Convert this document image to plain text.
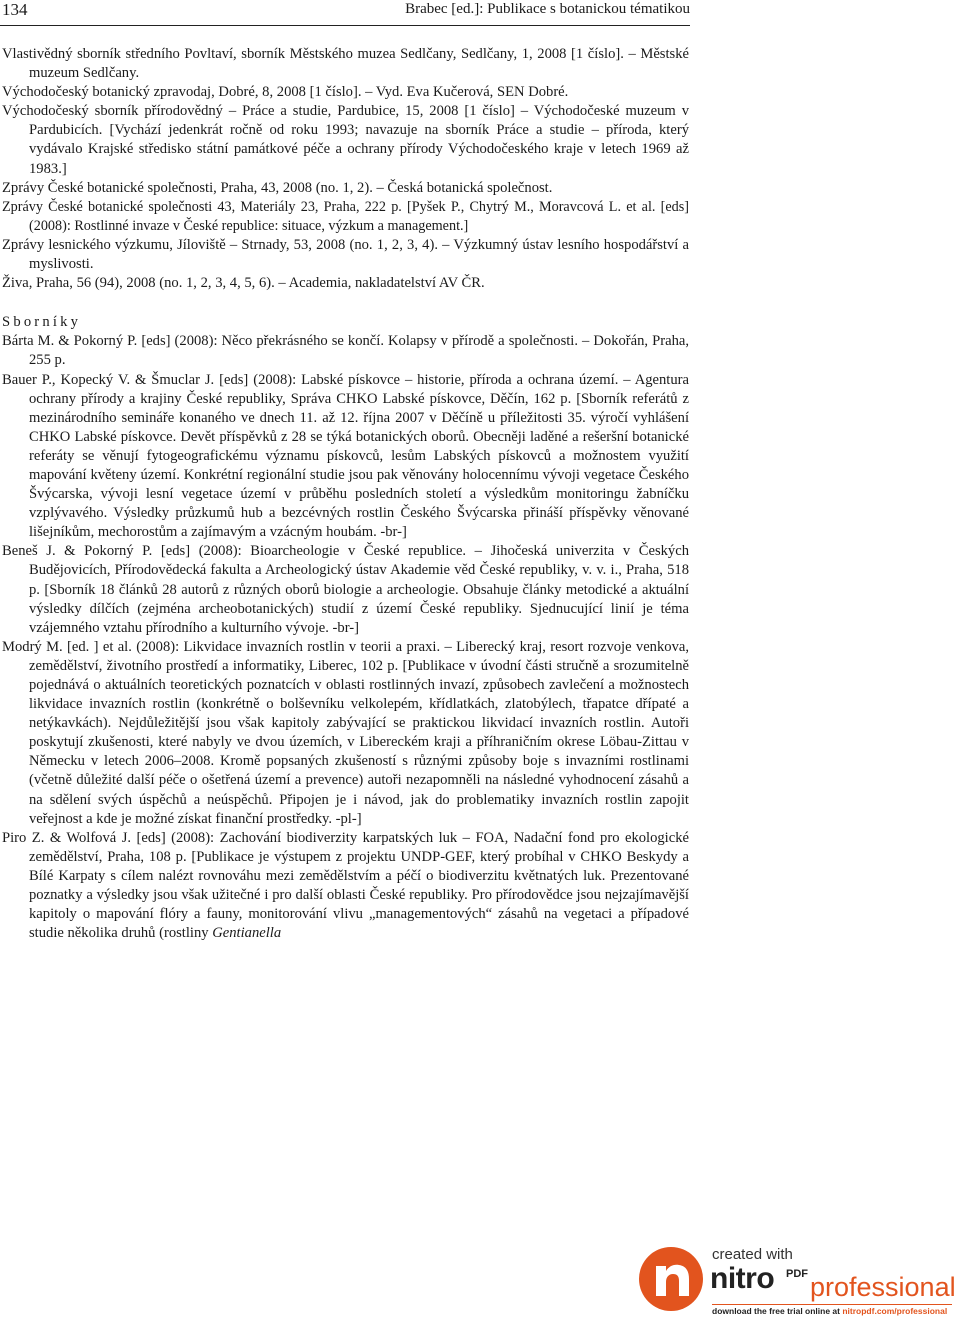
134	Brabec [ed.]: Publikace s botanickou tématikou

Vlastivědný sborník středního Povltaví, sborník Městského muzea Sedlčany, Sedlčany, 1, 2008 [1 číslo]. – Městské muzeum Sedlčany.

Východočeský botanický zpravodaj, Dobré, 8, 2008 [1 číslo]. – Vyd. Eva Kučerová, SEN Dobré.

Východočeský sborník přírodovědný – Práce a studie, Pardubice, 15, 2008 [1 číslo] – Východočeské muzeum v Pardubicích. [Vychází jedenkrát ročně od roku 1993; navazuje na sborník Práce a studie – příroda, který vydávalo Krajské středisko státní památkové péče a ochrany přírody Východočeského kraje v letech 1969 až 1983.]

Zprávy České botanické společnosti, Praha, 43, 2008 (no. 1, 2). – Česká botanická společnost.

Zprávy České botanické společnosti 43, Materiály 23, Praha, 222 p. [Pyšek P., Chytrý M., Moravcová L. et al. [eds] (2008): Rostlinné invaze v České republice: situace, výzkum a management.]

Zprávy lesnického výzkumu, Jíloviště – Strnady, 53, 2008 (no. 1, 2, 3, 4). – Výzkumný ústav lesního hospodářství a myslivosti.

Živa, Praha, 56 (94), 2008 (no. 1, 2, 3, 4, 5, 6). – Academia, nakladatelství AV ČR.

Sborníky

Bárta M. & Pokorný P. [eds] (2008): Něco překrásného se končí. Kolapsy v přírodě a společnosti. – Dokořán, Praha, 255 p.

Bauer P., Kopecký V. & Šmuclar J. [eds] (2008): Labské pískovce – historie, příroda a ochrana území. – Agentura ochrany přírody a krajiny České republiky, Správa CHKO Labské pískovce, Děčín, 162 p. [Sborník referátů z mezinárodního semináře konaného ve dnech 11. až 12. října 2007 v Děčíně u příležitosti 35. výročí vyhlášení CHKO Labské pískovce. Devět příspěvků z 28 se týká botanických oborů. Obecněji laděné a rešeršní botanické referáty se věnují fytogeografickému významu pískovců, lesům Labských pískovců a možnostem využití mapování květeny území. Konkrétní regionální studie jsou pak věnovány holocennímu vývoji vegetace Českého Švýcarska, vývoji lesní vegetace území v průběhu posledních století a výsledkům monitoringu žabníčku vzplývavého. Výsledky průzkumů hub a bezcévných rostlin Českého Švýcarska přináší příspěvky věnované lišejníkům, mechorostům a zajímavým a vzácným houbám. -br-]

Beneš J. & Pokorný P. [eds] (2008): Bioarcheologie v České republice. – Jihočeská univerzita v Českých Budějovicích, Přírodovědecká fakulta a Archeologický ústav Akademie věd České republiky, v. v. i., Praha, 518 p. [Sborník 18 článků 28 autorů z různých oborů biologie a archeologie. Obsahuje články metodické a aktuální výsledky dílčích (zejména archeobotanických) studií z území České republiky. Sjednucující linií je téma vzájemného vztahu přírodního a kulturního vývoje. -br-]

Modrý M. [ed. ] et al. (2008): Likvidace invazních rostlin v teorii a praxi. – Liberecký kraj, resort rozvoje venkova, zemědělství, životního prostředí a informatiky, Liberec, 102 p. [Publikace v úvodní části stručně a srozumitelně pojednává o aktuálních teoretických poznatcích v oblasti rostlinných invazí, způsobech zavlečení a možnostech likvidace invazních rostlin (konkrétně o bolševníku velkolepém, křídlatkách, zlatobýlech, třapatce dřípaté a netýkavkách). Nejdůležitější jsou však kapitoly zabývající se praktickou likvidací invazních rostlin. Autoři poskytují zkušenosti, které nabyly ve dvou územích, v Libereckém kraji a příhraničním okrese Löbau-Zittau v Německu v letech 2006–2008. Kromě popsaných zkušeností s různými způsoby boje s invazními rostlinami (včetně důležité další péče o ošetřená území a prevence) autoři nezapomněli na následné vyhodnocení zásahů a na sdělení svých úspěchů a neúspěchů. Připojen je i návod, jak do problematiky invazních rostlin zapojit veřejnost a kde je možné získat finanční prostředky. -pl-]

Piro Z. & Wolfová J. [eds] (2008): Zachování biodiverzity karpatských luk – FOA, Nadační fond pro ekologické zemědělství, Praha, 108 p. [Publikace je výstupem z projektu UNDP-GEF, který probíhal v CHKO Beskydy a Bílé Karpaty s cílem nalézt rovnováhu mezi zemědělstvím a péčí o biodiverzitu květnatých luk. Prezentované poznatky a výsledky jsou však užitečné i pro další oblasti České republiky. Pro přírodovědce jsou nejzajímavější kapitoly o mapování flóry a fauny, monitorování vlivu „managementových“ zásahů na vegetaci a případové studie několika druhů (rostliny Gentianella

created with
nitro PDF professional
download the free trial online at nitropdf.com/professional
